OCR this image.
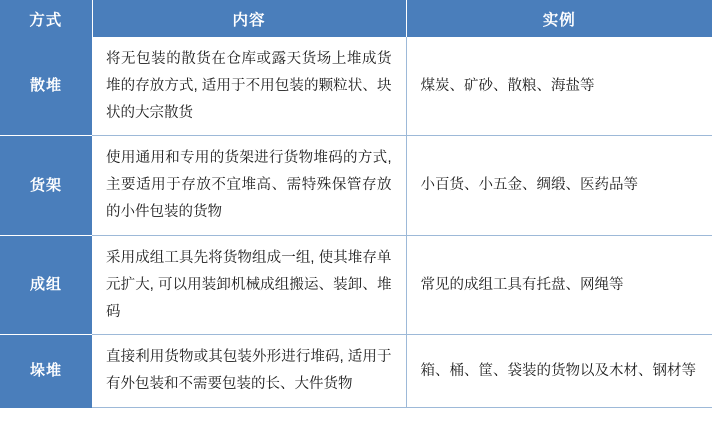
方式	内容	实例
散堆	将无包装的散货在仓库或露天货场上堆成货堆的存放方式, 适用于不用包装的颗粒状、块状的大宗散货	煤炭、矿砂、散粮、海盐等
货架	使用通用和专用的货架进行货物堆码的方式, 主要适用于存放不宜堆高、需特殊保管存放的小件包装的货物	小百货、小五金、绸缎、医药品等
成组	采用成组工具先将货物组成一组, 使其堆存单元扩大, 可以用装卸机械成组搬运、装卸、堆码	常见的成组工具有托盘、网绳等
垛堆	直接利用货物或其包装外形进行堆码, 适用于有外包装和不需要包装的长、大件货物	箱、桶、筐、袋装的货物以及木材、钢材等
